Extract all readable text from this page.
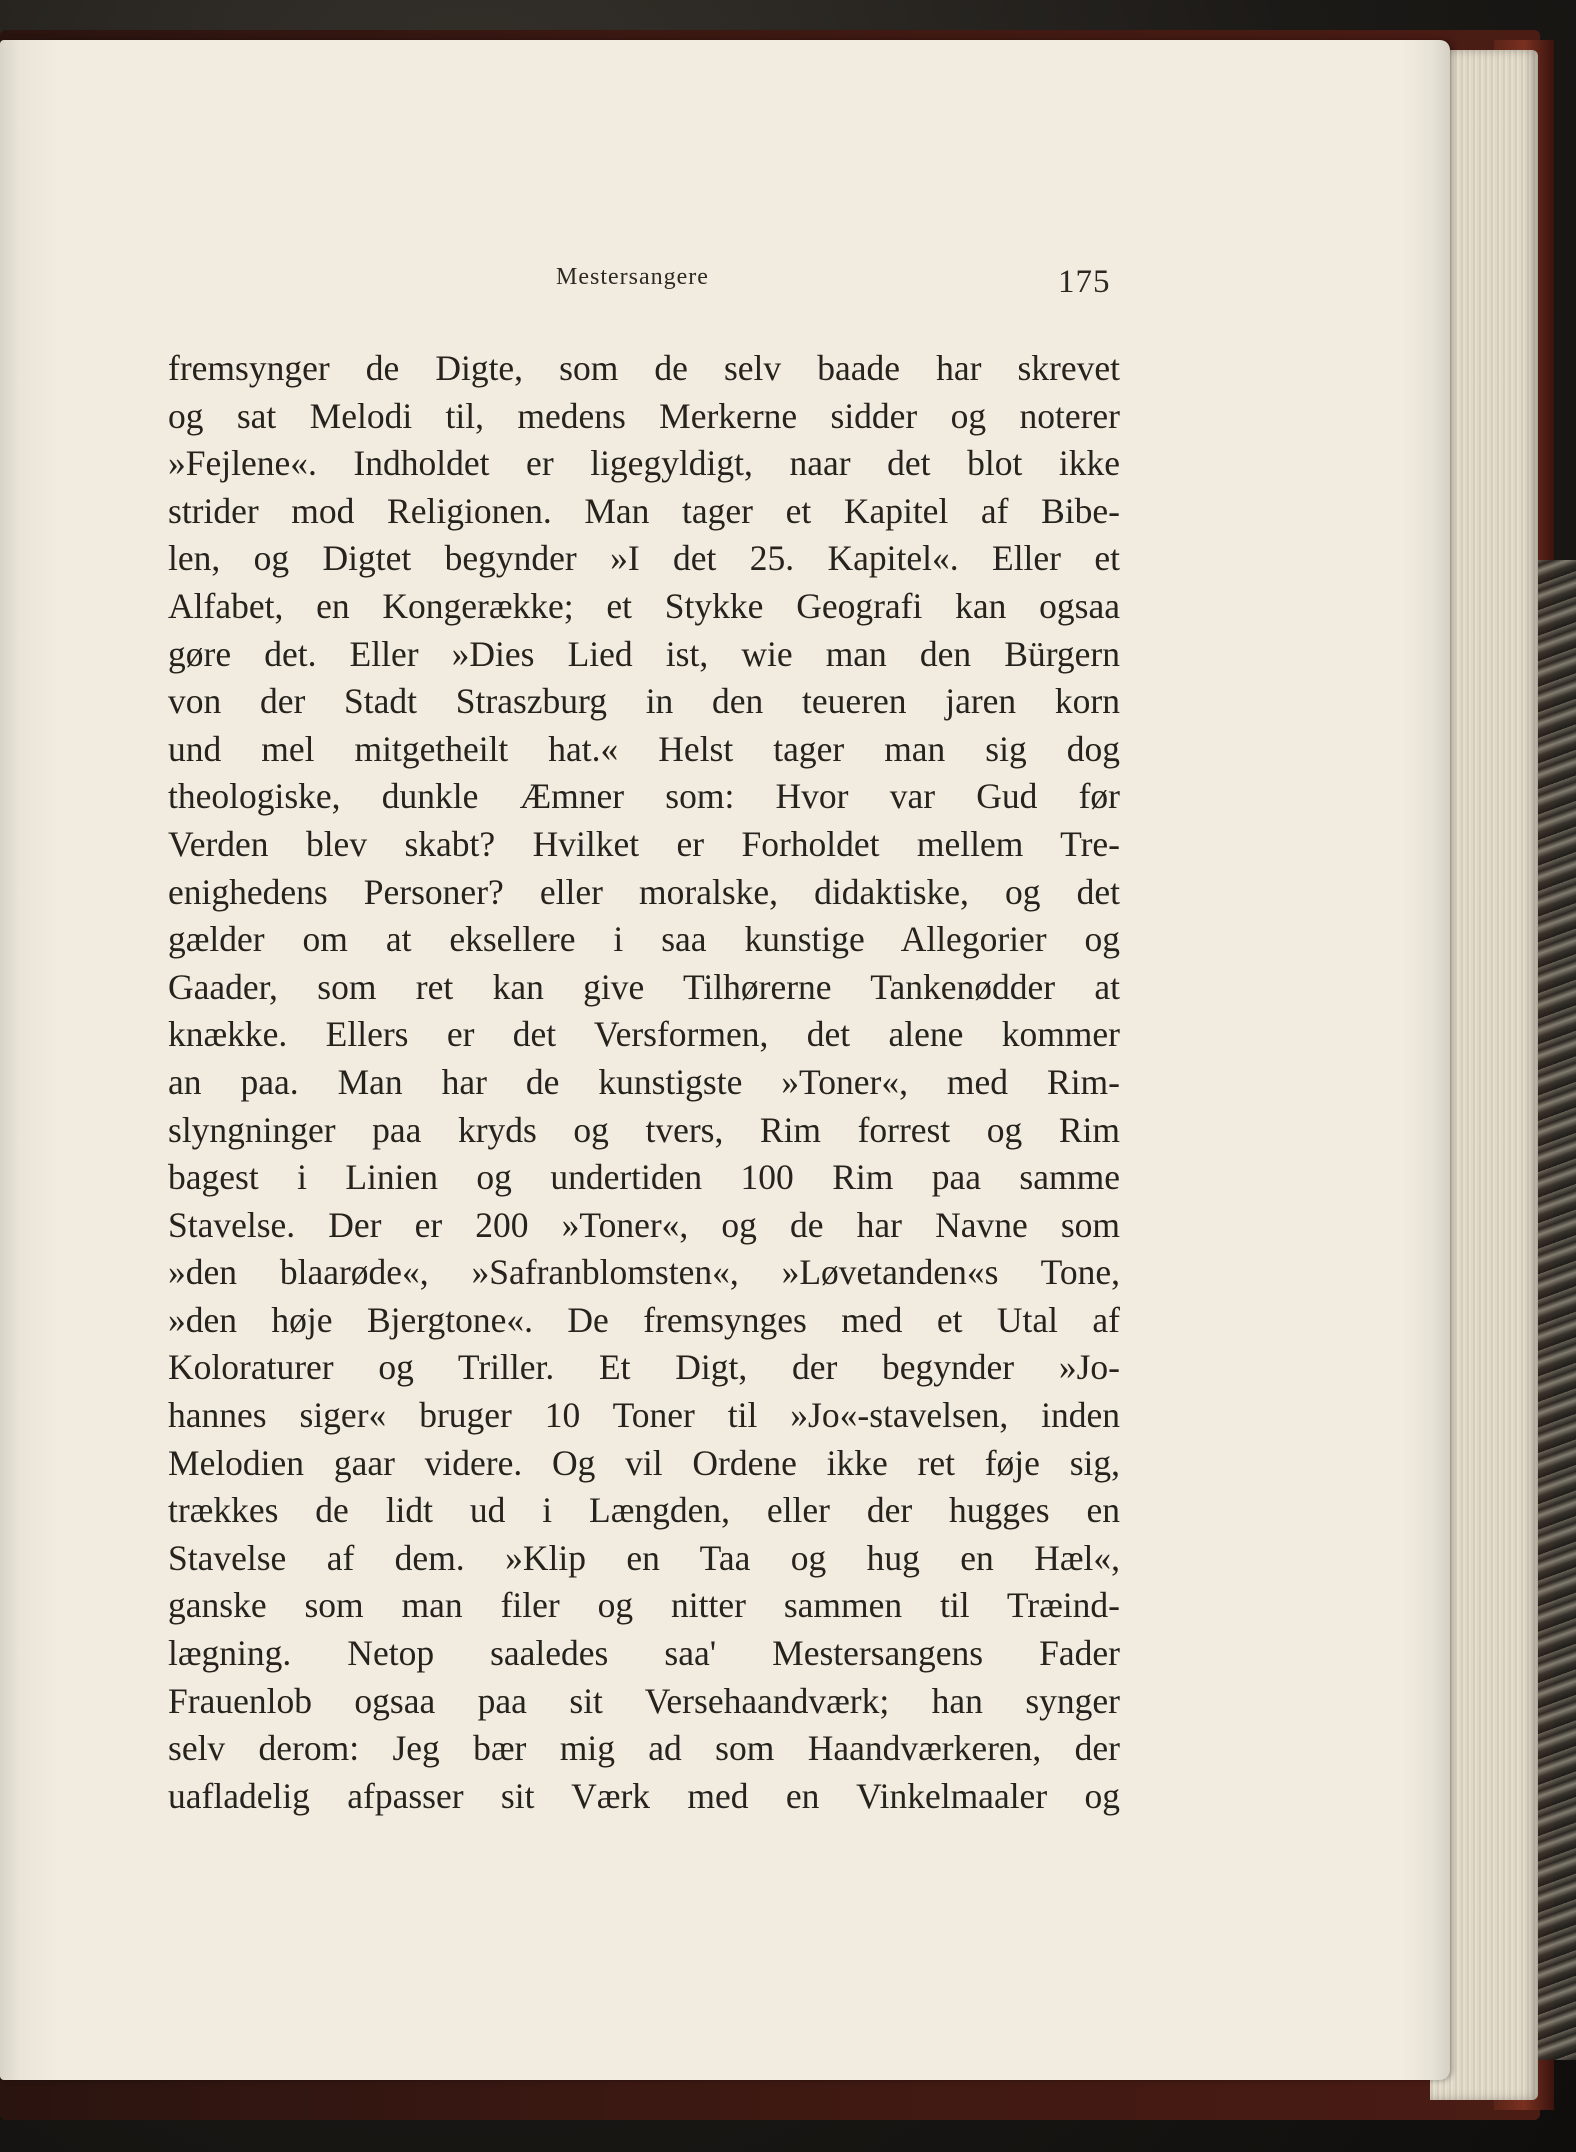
Mestersangere	175
fremsynger de Digte, som de selv baade har skrevet
og sat Melodi til, medens Merkerne sidder og noterer
»Fejlene«. Indholdet er ligegyldigt, naar det blot ikke
strider mod Religionen. Man tager et Kapitel af Bibe-
len, og Digtet begynder »I det 25. Kapitel«. Eller et
Alfabet, en Kongerække; et Stykke Geografi kan ogsaa
gøre det. Eller »Dies Lied ist, wie man den Bürgern
von der Stadt Straszburg in den teueren jaren korn
und mel mitgetheilt hat.« Helst tager man sig dog
theologiske, dunkle Æmner som: Hvor var Gud før
Verden blev skabt? Hvilket er Forholdet mellem Tre-
enighedens Personer? eller moralske, didaktiske, og det
gælder om at eksellere i saa kunstige Allegorier og
Gaader, som ret kan give Tilhørerne Tankenødder at
knække. Ellers er det Versformen, det alene kommer
an paa. Man har de kunstigste »Toner«, med Rim-
slyngninger paa kryds og tvers, Rim forrest og Rim
bagest i Linien og undertiden 100 Rim paa samme
Stavelse. Der er 200 »Toner«, og de har Navne som
»den blaarøde«, »Safranblomsten«, »Løvetanden«s Tone,
»den høje Bjergtone«. De fremsynges med et Utal af
Koloraturer og Triller. Et Digt, der begynder »Jo-
hannes siger« bruger 10 Toner til »Jo«-stavelsen, inden
Melodien gaar videre. Og vil Ordene ikke ret føje sig,
trækkes de lidt ud i Længden, eller der hugges en
Stavelse af dem. »Klip en Taa og hug en Hæl«,
ganske som man filer og nitter sammen til Træind-
lægning. Netop saaledes saa' Mestersangens Fader
Frauenlob ogsaa paa sit Versehaandværk; han synger
selv derom: Jeg bær mig ad som Haandværkeren, der
uafladelig afpasser sit Værk med en Vinkelmaaler og
